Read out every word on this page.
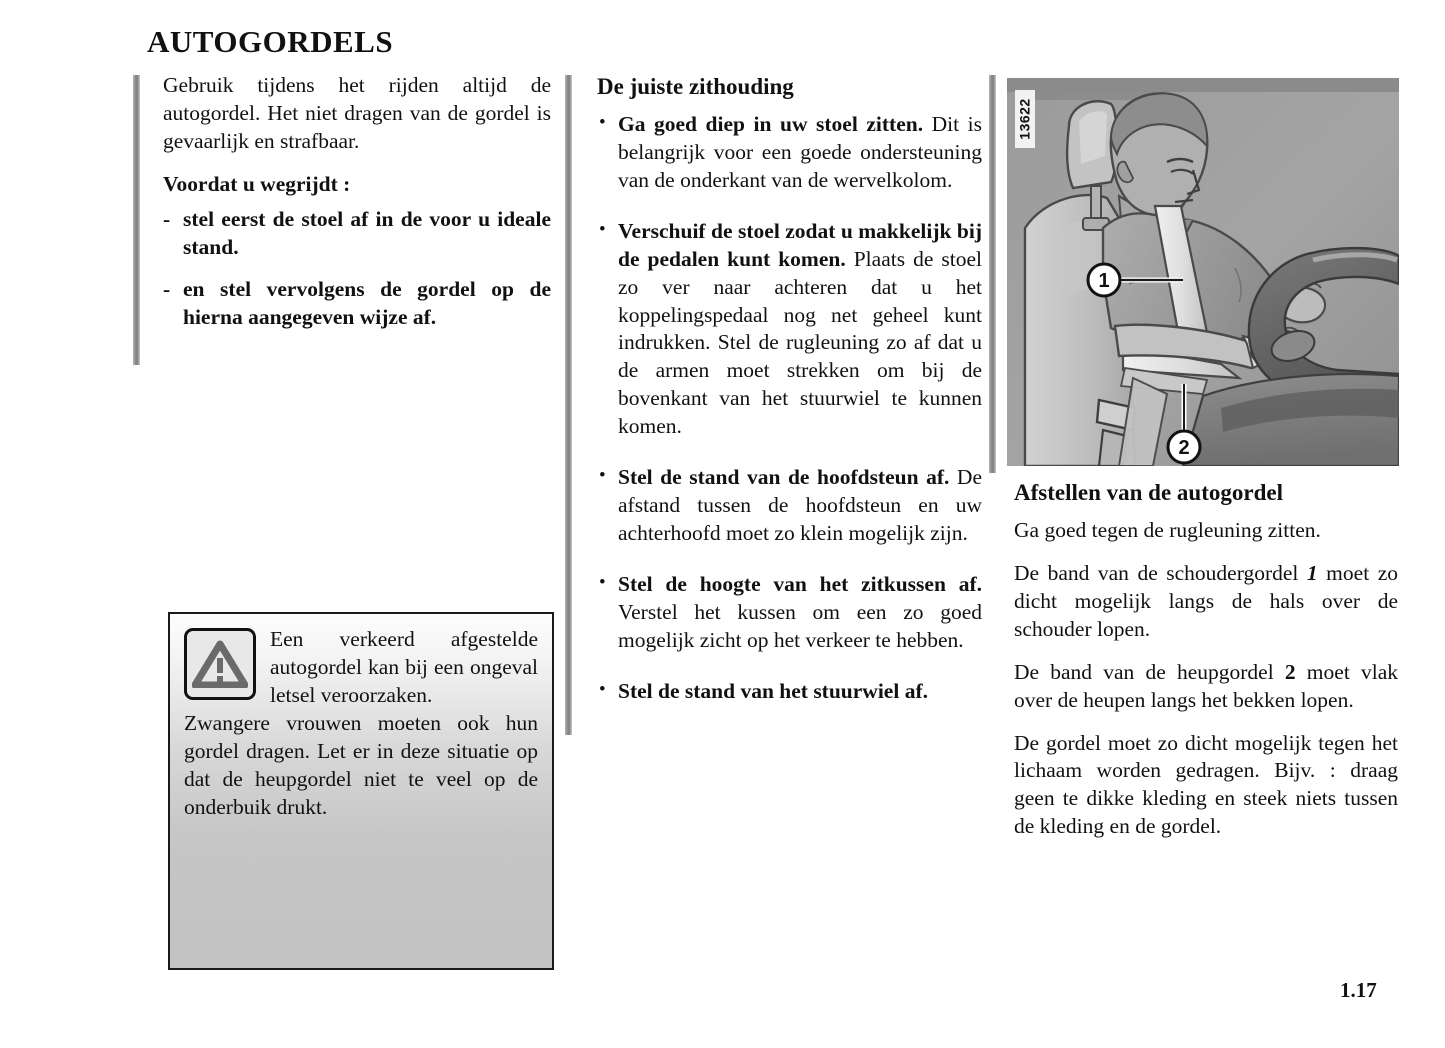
AUTOGORDELS

Gebruik tijdens het rijden altijd de autogordel. Het niet dragen van de gordel is gevaarlijk en strafbaar.

Voordat u wegrijdt :

- stel eerst de stoel af in de voor u ideale stand.
- en stel vervolgens de gordel op de hierna aangegeven wijze af.

Een verkeerd afgestelde autogordel kan bij een ongeval letsel veroorzaken.

Zwangere vrouwen moeten ook hun gordel dragen. Let er in deze situatie op dat de heupgordel niet te veel op de onderbuik drukt.

De juiste zithouding

• Ga goed diep in uw stoel zitten. Dit is belangrijk voor een goede ondersteuning van de onderkant van de wervelkolom.
• Verschuif de stoel zodat u makkelijk bij de pedalen kunt komen. Plaats de stoel zo ver naar achteren dat u het koppelingspedaal nog net geheel kunt indrukken. Stel de rugleuning zo af dat u de armen moet strekken om bij de bovenkant van het stuurwiel te kunnen komen.
• Stel de stand van de hoofdsteun af. De afstand tussen de hoofdsteun en uw achterhoofd moet zo klein mogelijk zijn.
• Stel de hoogte van het zitkussen af. Verstel het kussen om een zo goed mogelijk zicht op het verkeer te hebben.
• Stel de stand van het stuurwiel af.
1
2
13622

Afstellen van de autogordel

Ga goed tegen de rugleuning zitten.

De band van de schoudergordel 1 moet zo dicht mogelijk langs de hals over de schouder lopen.

De band van de heupgordel 2 moet vlak over de heupen langs het bekken lopen.

De gordel moet zo dicht mogelijk tegen het lichaam worden gedragen. Bijv. : draag geen te dikke kleding en steek niets tussen de kleding en de gordel.

1.17
